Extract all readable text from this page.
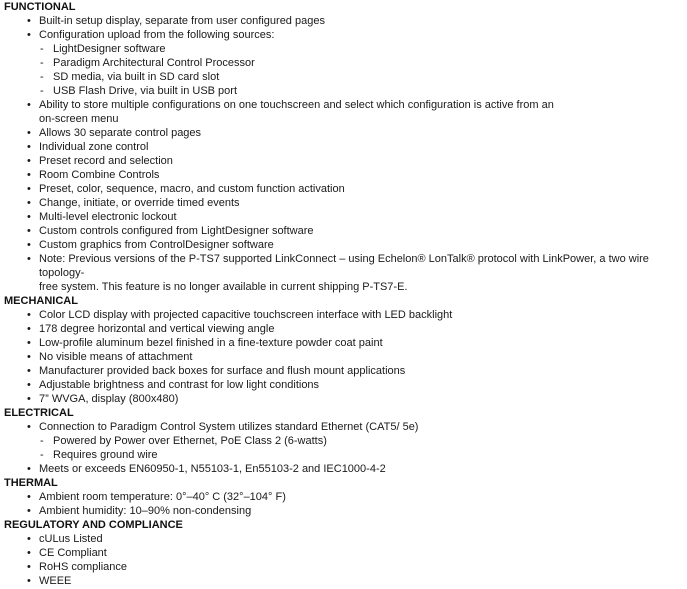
FUNCTIONAL
• Built-in setup display, separate from user configured pages
• Configuration upload from the following sources:
- LightDesigner software
- Paradigm Architectural Control Processor
- SD media, via built in SD card slot
- USB Flash Drive, via built in USB port
• Ability to store multiple configurations on one touchscreen and select which configuration is active from an
on-screen menu
• Allows 30 separate control pages
• Individual zone control
• Preset record and selection
• Room Combine Controls
• Preset, color, sequence, macro, and custom function activation
• Change, initiate, or override timed events
• Multi-level electronic lockout
• Custom controls configured from LightDesigner software
• Custom graphics from ControlDesigner software
• Note: Previous versions of the P-TS7 supported LinkConnect – using Echelon® LonTalk® protocol with LinkPower, a two wire topology-
free system. This feature is no longer available in current shipping P-TS7-E.
MECHANICAL
• Color LCD display with projected capacitive touchscreen interface with LED backlight
• 178 degree horizontal and vertical viewing angle
• Low-profile aluminum bezel finished in a fine-texture powder coat paint
• No visible means of attachment
• Manufacturer provided back boxes for surface and flush mount applications
• Adjustable brightness and contrast for low light conditions
• 7” WVGA, display (800x480)
ELECTRICAL
• Connection to Paradigm Control System utilizes standard Ethernet (CAT5/ 5e)
- Powered by Power over Ethernet, PoE Class 2 (6-watts)
- Requires ground wire
• Meets or exceeds EN60950-1, N55103-1, En55103-2 and IEC1000-4-2
THERMAL
• Ambient room temperature: 0°–40° C (32°–104° F)
• Ambient humidity: 10–90% non-condensing
REGULATORY AND COMPLIANCE
• cULus Listed
• CE Compliant
• RoHS compliance
• WEEE
